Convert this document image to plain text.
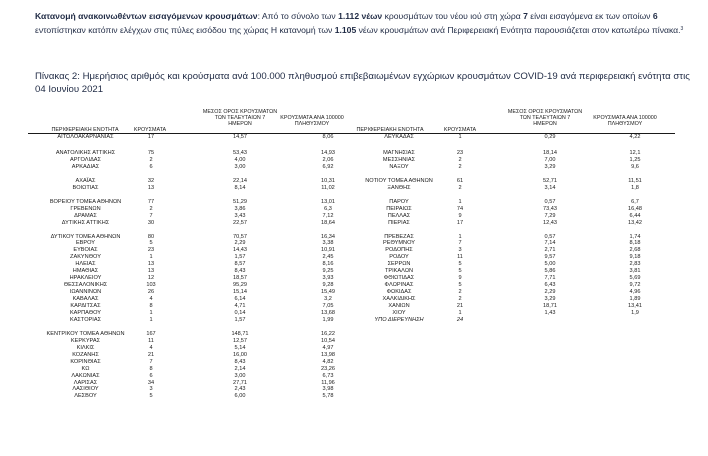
Κατανομή ανακοινωθέντων εισαγόμενων κρουσμάτων: Από το σύνολο των 1.112 νέων κρουσμάτων του νέου ιού στη χώρα 7 είναι εισαγόμενα εκ των οποίων 6 εντοπίστηκαν κατόπιν ελέγχων στις πύλες εισόδου της χώρας Η κατανομή των 1.105 νέων κρουσμάτων ανά Περιφερειακή Ενότητα παρουσιάζεται στον κατωτέρω πίνακα.$^3$
Πίνακας 2: Ημερήσιος αριθμός και κρούσματα ανά 100.000 πληθυσμού επιβεβαιωμένων εγχώριων κρουσμάτων COVID-19 ανά περιφερειακή ενότητα στις 04 Ιουνίου 2021
ΜΕΣΟΣ ΟΡΟΣ ΚΡΟΥΣΜΑΤΩΝ
ΤΩΝ ΤΕΛΕΥΤΑΙΩΝ 7
ΗΜΕΡΩΝ
ΚΡΟΥΣΜΑΤΑ ΑΝΑ 100000
ΠΛΗΘΥΣΜΟΥ
ΠΕΡΙΦΕΡΕΙΑΚΗ ΕΝΟΤΗΤΑ	ΚΡΟΥΣΜΑΤΑ
ΜΕΣΟΣ ΟΡΟΣ ΚΡΟΥΣΜΑΤΩΝ
ΤΩΝ ΤΕΛΕΥΤΑΙΩΝ 7
ΗΜΕΡΩΝ
ΚΡΟΥΣΜΑΤΑ ΑΝΑ 100000
ΠΛΗΘΥΣΜΟΥ
ΠΕΡΙΦΕΡΕΙΑΚΗ ΕΝΟΤΗΤΑ	ΚΡΟΥΣΜΑΤΑ
ΑΙΤΩΛΟΑΚΑΡΝΑΝΙΑΣ	17	14,57	8,06
ΑΝΑΤΟΛΙΚΗΣ ΑΤΤΙΚΗΣ	75	53,43	14,93
ΑΡΓΟΛΙΔΑΣ	2	4,00	2,06
ΑΡΚΑΔΙΑΣ	6	3,00	6,92
ΑΧΑΪΑΣ	32	22,14	10,31
ΒΟΙΩΤΙΑΣ	13	8,14	11,02
ΒΟΡΕΙΟΥ ΤΟΜΕΑ ΑΘΗΝΩΝ	77	51,29	13,01
ΓΡΕΒΕΝΩΝ	2	3,86	6,3
ΔΡΑΜΑΣ	7	3,43	7,12
ΔΥΤΙΚΗΣ ΑΤΤΙΚΗΣ	30	22,57	18,64
ΔΥΤΙΚΟΥ ΤΟΜΕΑ ΑΘΗΝΩΝ	80	70,57	16,34
ΕΒΡΟΥ	5	2,29	3,38
ΕΥΒΟΙΑΣ	23	14,43	10,91
ΖΑΚΥΝΘΟΥ	1	1,57	2,45
ΗΛΕΙΑΣ	13	8,57	8,16
ΗΜΑΘΙΑΣ	13	8,43	9,25
ΗΡΑΚΛΕΙΟΥ	12	18,57	3,93
ΘΕΣΣΑΛΟΝΙΚΗΣ	103	95,29	9,28
ΙΩΑΝΝΙΝΩΝ	26	15,14	15,49
ΚΑΒΑΛΑΣ	4	6,14	3,2
ΚΑΡΔΙΤΣΑΣ	8	4,71	7,05
ΚΑΡΠΑΘΟΥ	1	0,14	13,68
ΚΑΣΤΟΡΙΑΣ	1	1,57	1,99
ΚΕΝΤΡΙΚΟΥ ΤΟΜΕΑ ΑΘΗΝΩΝ	167	148,71	16,22
ΚΕΡΚΥΡΑΣ	11	12,57	10,54
ΚΙΛΚΙΣ	4	5,14	4,97
ΚΟΖΑΝΗΣ	21	16,00	13,98
ΚΟΡΙΝΘΙΑΣ	7	8,43	4,82
ΚΩ	8	2,14	23,26
ΛΑΚΩΝΙΑΣ	6	3,00	6,73
ΛΑΡΙΣΑΣ	34	27,71	11,96
ΛΑΣΙΘΙΟΥ	3	2,43	3,98
ΛΕΣΒΟΥ	5	6,00	5,78
ΛΕΥΚΑΔΑΣ	1	0,29	4,22
ΜΑΓΝΗΣΙΑΣ	23	18,14	12,1
ΜΕΣΣΗΝΙΑΣ	2	7,00	1,25
ΝΑΞΟΥ	2	3,29	9,6
ΝΟΤΙΟΥ ΤΟΜΕΑ ΑΘΗΝΩΝ	61	52,71	11,51
ΞΑΝΘΗΣ	2	3,14	1,8
ΠΑΡΟΥ	1	0,57	6,7
ΠΕΙΡΑΙΩΣ	74	73,43	16,48
ΠΕΛΛΑΣ	9	7,29	6,44
ΠΙΕΡΙΑΣ	17	12,43	13,42
ΠΡΕΒΕΖΑΣ	1	0,57	1,74
ΡΕΘΥΜΝΟΥ	7	7,14	8,18
ΡΟΔΟΠΗΣ	3	2,71	2,68
ΡΟΔΟΥ	11	9,57	9,18
ΣΕΡΡΩΝ	5	5,00	2,83
ΤΡΙΚΑΛΩΝ	5	5,86	3,81
ΦΘΙΩΤΙΔΑΣ	9	7,71	5,69
ΦΛΩΡΙΝΑΣ	5	6,43	9,72
ΦΩΚΙΔΑΣ	2	2,29	4,96
ΧΑΛΚΙΔΙΚΗΣ	2	3,29	1,89
ΧΑΝΙΩΝ	21	18,71	13,41
ΧΙΟΥ	1	1,43	1,9
ΥΠΟ ΔΙΕΡΕΥΝΗΣΗ	24
